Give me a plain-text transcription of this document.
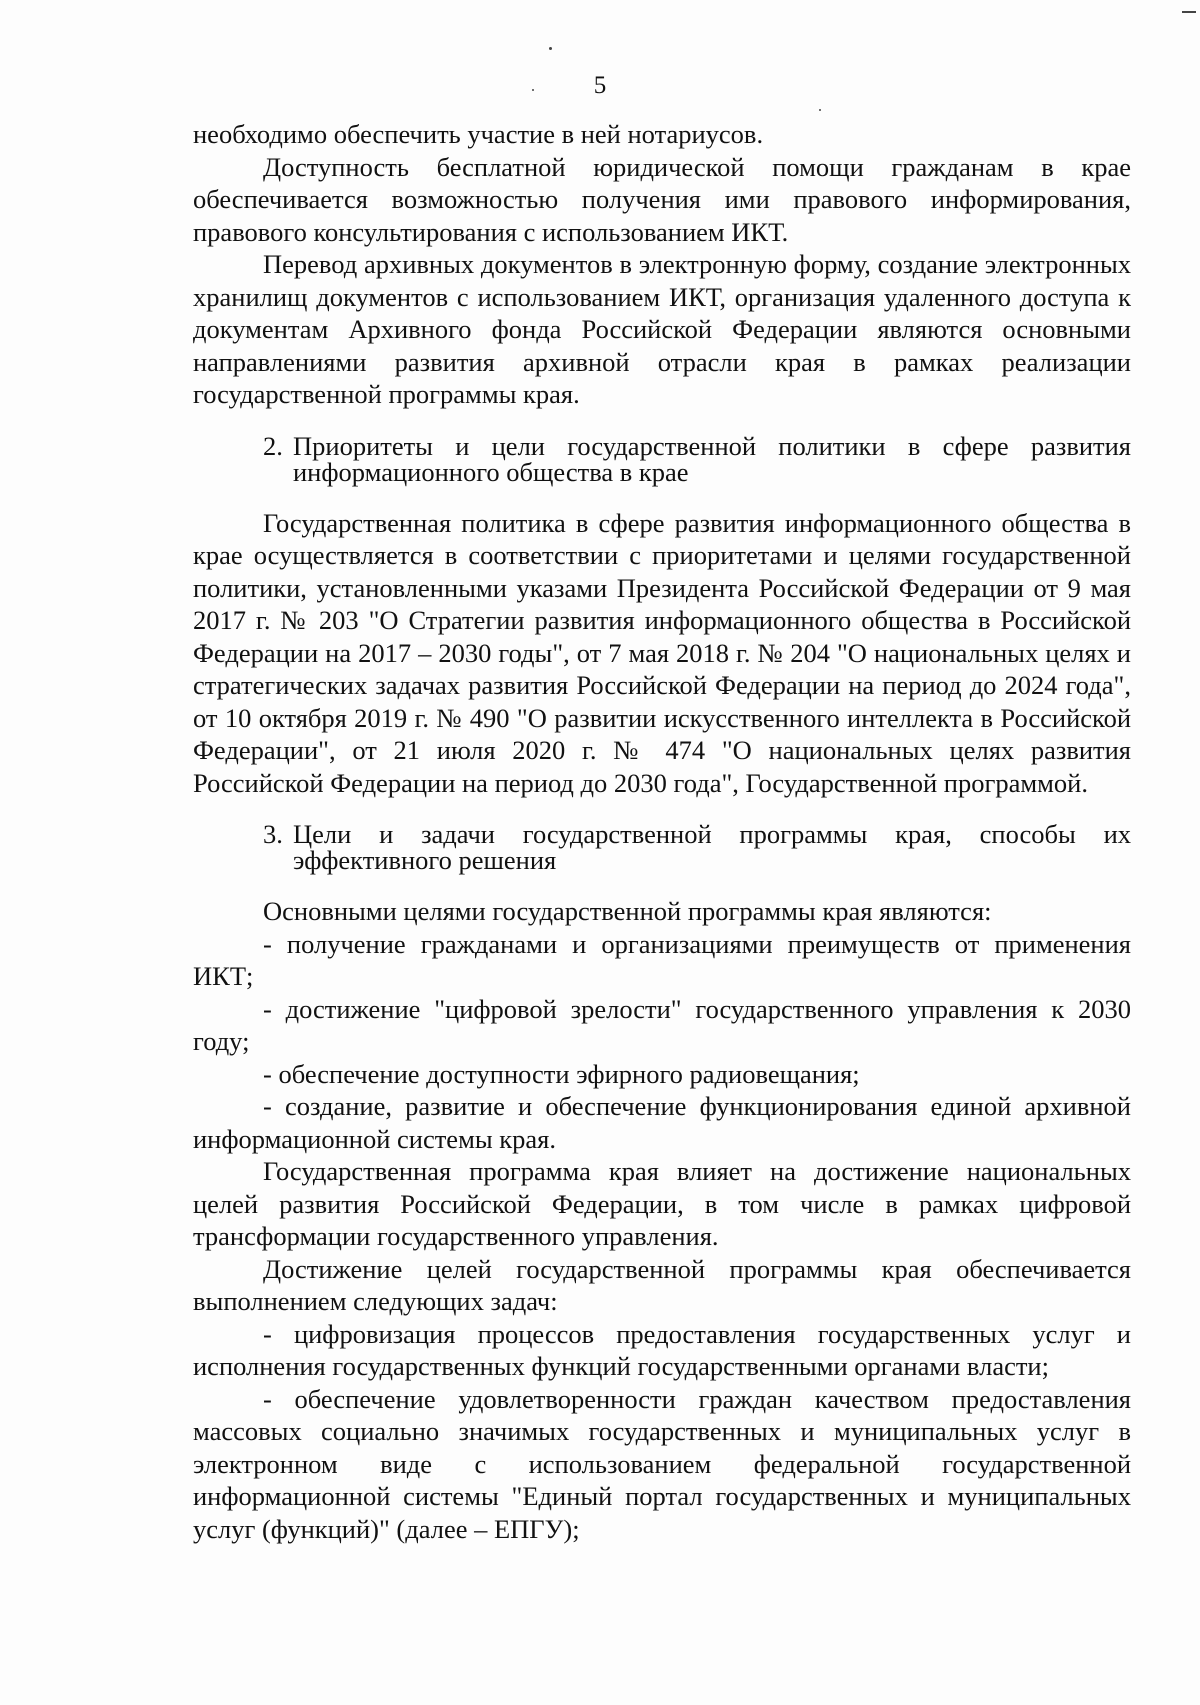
5

необходимо обеспечить участие в ней нотариусов.

Доступность бесплатной юридической помощи гражданам в крае обеспечивается возможностью получения ими правового информирования, правового консультирования с использованием ИКТ.

Перевод архивных документов в электронную форму, создание электронных хранилищ документов с использованием ИКТ, организация удаленного доступа к документам Архивного фонда Российской Федерации являются основными направлениями развития архивной отрасли края в рамках реализации государственной программы края.

2. Приоритеты и цели государственной политики в сфере развития информационного общества в крае

Государственная политика в сфере развития информационного общества в крае осуществляется в соответствии с приоритетами и целями государственной политики, установленными указами Президента Российской Федерации от 9 мая 2017 г. № 203 "О Стратегии развития информационного общества в Российской Федерации на 2017 – 2030 годы", от 7 мая 2018 г. № 204 "О национальных целях и стратегических задачах развития Российской Федерации на период до 2024 года", от 10 октября 2019 г. № 490 "О развитии искусственного интеллекта в Российской Федерации", от 21 июля 2020 г. № 474 "О национальных целях развития Российской Федерации на период до 2030 года", Государственной программой.

3. Цели и задачи государственной программы края, способы их эффективного решения

Основными целями государственной программы края являются:

- получение гражданами и организациями преимуществ от применения ИКТ;

- достижение "цифровой зрелости" государственного управления к 2030 году;

- обеспечение доступности эфирного радиовещания;

- создание, развитие и обеспечение функционирования единой архивной информационной системы края.

Государственная программа края влияет на достижение национальных целей развития Российской Федерации, в том числе в рамках цифровой трансформации государственного управления.

Достижение целей государственной программы края обеспечивается выполнением следующих задач:

- цифровизация процессов предоставления государственных услуг и исполнения государственных функций государственными органами власти;

- обеспечение удовлетворенности граждан качеством предоставления массовых социально значимых государственных и муниципальных услуг в электронном виде с использованием федеральной государственной информационной системы "Единый портал государственных и муниципальных услуг (функций)" (далее – ЕПГУ);
